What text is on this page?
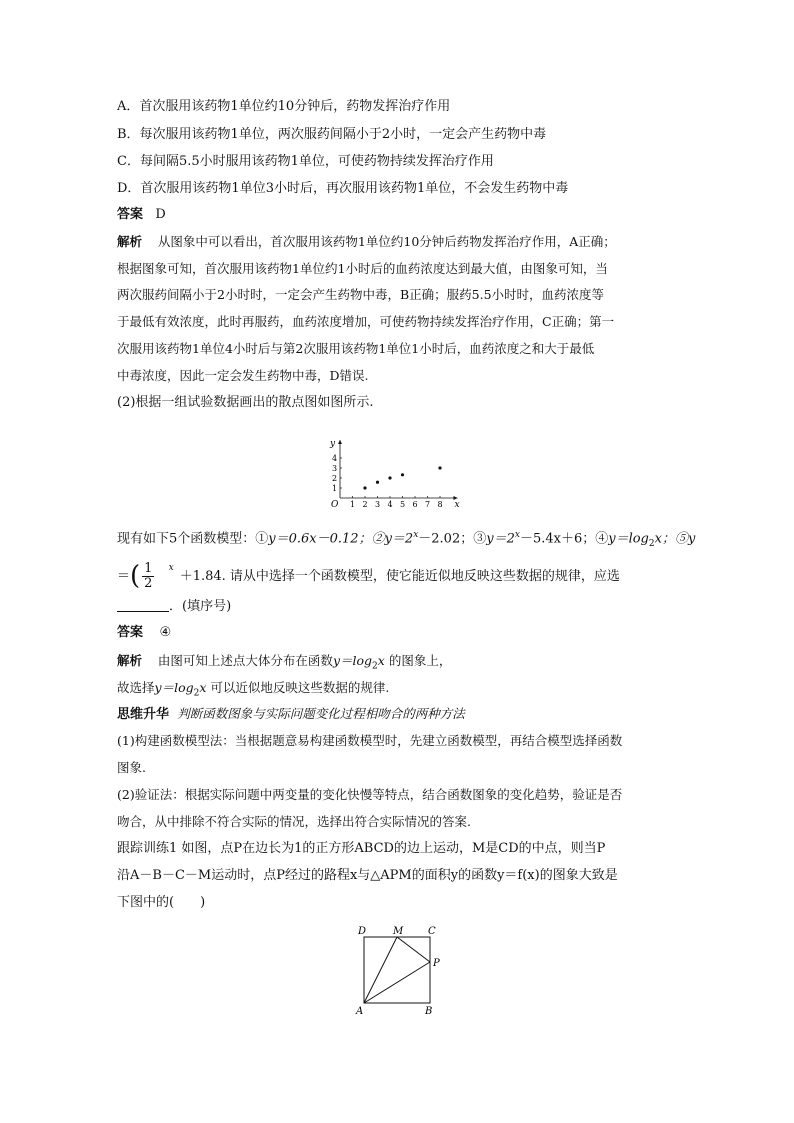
A．首次服用该药物1单位约10分钟后，药物发挥治疗作用
B．每次服用该药物1单位，两次服药间隔小于2小时，一定会产生药物中毒
C．每间隔5.5小时服用该药物1单位，可使药物持续发挥治疗作用
D．首次服用该药物1单位3小时后，再次服用该药物1单位，不会发生药物中毒
答案 D
解析 从图象中可以看出，首次服用该药物1单位约10分钟后药物发挥治疗作用，A正确；
根据图象可知，首次服用该药物1单位约1小时后的血药浓度达到最大值，由图象可知，当
两次服药间隔小于2小时时，一定会产生药物中毒，B正确；服药5.5小时时，血药浓度等
于最低有效浓度，此时再服药，血药浓度增加，可使药物持续发挥治疗作用，C正确；第一
次服用该药物1单位4小时后与第2次服用该药物1单位1小时后，血药浓度之和大于最低
中毒浓度，因此一定会发生药物中毒，D错误.
(2)根据一组试验数据画出的散点图如图所示.
1 2 3 4 5 6 7 8
1
2
3
4
O	x
y
现有如下5个函数模型：①y＝0.6x－0.12；$②y=2^x-2.02$；$③y=2^x-5.4x+6$；$④y=\log_2x$；⑤y
＝( $\frac{1}{2} ^x+1.84$. 请从中选择一个函数模型，使它能近似地反映这些数据的规律，应选
．(填序号)
答案 ④
解析 由图可知上述点大体分布在函数$y=\log_2x$ 的图象上，
故选择$y=\log_2x$ 可以近似地反映这些数据的规律.
思维升华 判断函数图象与实际问题变化过程相吻合的两种方法
(1)构建函数模型法：当根据题意易构建函数模型时，先建立函数模型，再结合模型选择函数
图象.
(2)验证法：根据实际问题中两变量的变化快慢等特点，结合函数图象的变化趋势，验证是否
吻合，从中排除不符合实际的情况，选择出符合实际情况的答案.
跟踪训练1 如图，点P在边长为1的正方形ABCD的边上运动，M是CD的中点，则当P
沿A－B－C－M运动时，点P经过的路程x与△APM的面积y的函数y＝f(x)的图象大致是
下图中的(　　)
D	M C
P
A	B
